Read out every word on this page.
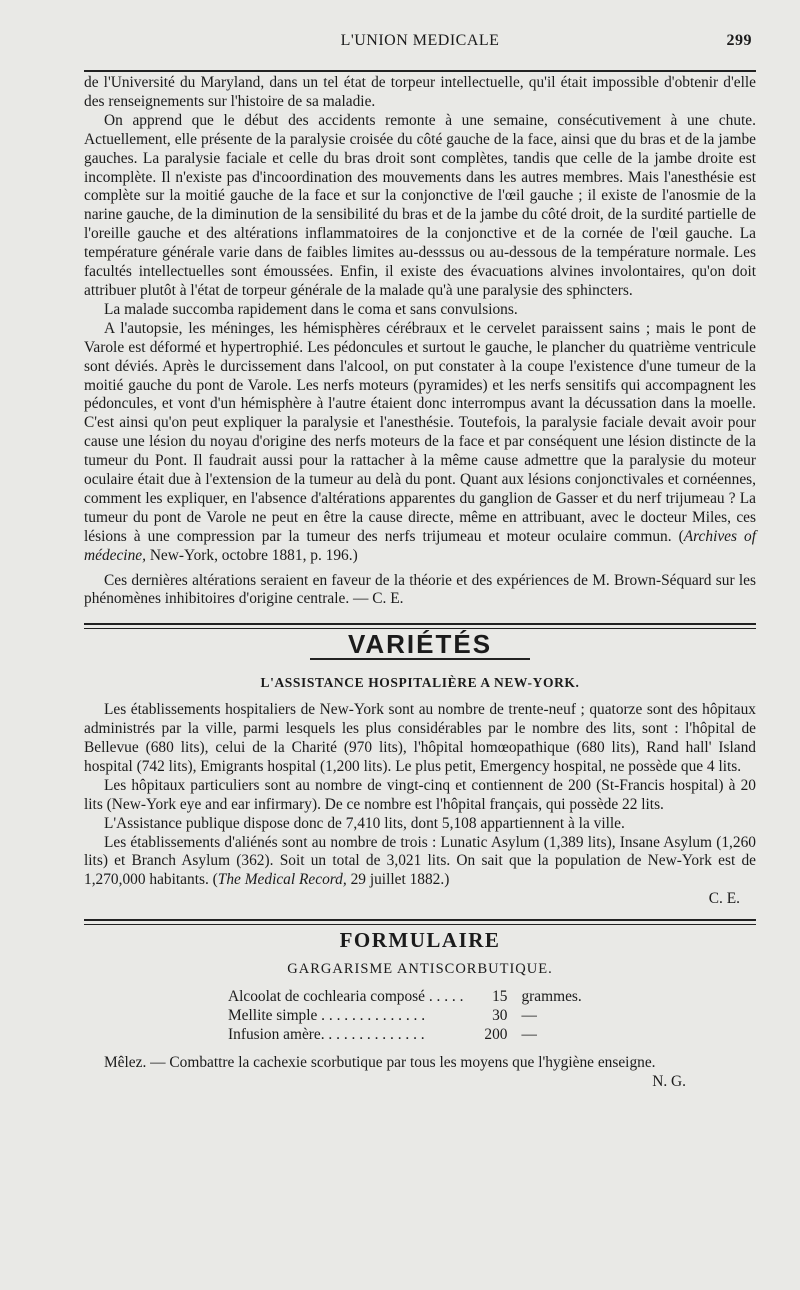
L'UNION MEDICALE	299

de l'Université du Maryland, dans un tel état de torpeur intellectuelle, qu'il était impossible d'obtenir d'elle des renseignements sur l'histoire de sa maladie.

On apprend que le début des accidents remonte à une semaine, consécutivement à une chute. Actuellement, elle présente de la paralysie croisée du côté gauche de la face, ainsi que du bras et de la jambe gauches. La paralysie faciale et celle du bras droit sont complètes, tandis que celle de la jambe droite est incomplète. Il n'existe pas d'incoordination des mouvements dans les autres membres. Mais l'anesthésie est complète sur la moitié gauche de la face et sur la conjonctive de l'œil gauche ; il existe de l'anosmie de la narine gauche, de la diminution de la sensibilité du bras et de la jambe du côté droit, de la surdité partielle de l'oreille gauche et des altérations inflammatoires de la conjonctive et de la cornée de l'œil gauche. La température générale varie dans de faibles limites au-desssus ou au-dessous de la température normale. Les facultés intellectuelles sont émoussées. Enfin, il existe des évacuations alvines involontaires, qu'on doit attribuer plutôt à l'état de torpeur générale de la malade qu'à une paralysie des sphincters.

La malade succomba rapidement dans le coma et sans convulsions.

A l'autopsie, les méninges, les hémisphères cérébraux et le cervelet paraissent sains ; mais le pont de Varole est déformé et hypertrophié. Les pédoncules et surtout le gauche, le plancher du quatrième ventricule sont déviés. Après le durcissement dans l'alcool, on put constater à la coupe l'existence d'une tumeur de la moitié gauche du pont de Varole. Les nerfs moteurs (pyramides) et les nerfs sensitifs qui accompagnent les pédoncules, et vont d'un hémisphère à l'autre étaient donc interrompus avant la décussation dans la moelle. C'est ainsi qu'on peut expliquer la paralysie et l'anesthésie. Toutefois, la paralysie faciale devait avoir pour cause une lésion du noyau d'origine des nerfs moteurs de la face et par conséquent une lésion distincte de la tumeur du Pont. Il faudrait aussi pour la rattacher à la même cause admettre que la paralysie du moteur oculaire était due à l'extension de la tumeur au delà du pont. Quant aux lésions conjonctivales et cornéennes, comment les expliquer, en l'absence d'altérations apparentes du ganglion de Gasser et du nerf trijumeau ? La tumeur du pont de Varole ne peut en être la cause directe, même en attribuant, avec le docteur Miles, ces lésions à une compression par la tumeur des nerfs trijumeau et moteur oculaire commun. (Archives of médecine, New-York, octobre 1881, p. 196.)

Ces dernières altérations seraient en faveur de la théorie et des expériences de M. Brown-Séquard sur les phénomènes inhibitoires d'origine centrale. — C. E.

VARIÉTÉS

L'ASSISTANCE HOSPITALIÈRE A NEW-YORK.

Les établissements hospitaliers de New-York sont au nombre de trente-neuf ; quatorze sont des hôpitaux administrés par la ville, parmi lesquels les plus considérables par le nombre des lits, sont : l'hôpital de Bellevue (680 lits), celui de la Charité (970 lits), l'hôpital homœopathique (680 lits), Rand hall' Island hospital (742 lits), Emigrants hospital (1,200 lits). Le plus petit, Emergency hospital, ne possède que 4 lits.

Les hôpitaux particuliers sont au nombre de vingt-cinq et contiennent de 200 (St-Francis hospital) à 20 lits (New-York eye and ear infirmary). De ce nombre est l'hôpital français, qui possède 22 lits.

L'Assistance publique dispose donc de 7,410 lits, dont 5,108 appartiennent à la ville.

Les établissements d'aliénés sont au nombre de trois : Lunatic Asylum (1,389 lits), Insane Asylum (1,260 lits) et Branch Asylum (362). Soit un total de 3,021 lits. On sait que la population de New-York est de 1,270,000 habitants. (The Medical Record, 29 juillet 1882.)

C. E.

FORMULAIRE

GARGARISME ANTISCORBUTIQUE.

Alcoolat de cochlearia composé . . . . .	15	grammes.
Mellite simple . . . . . . . . . . . . . .	30	—
Infusion amère. . . . . . . . . . . . . .	200	—

Mêlez. — Combattre la cachexie scorbutique par tous les moyens que l'hygiène enseigne.

N. G.
